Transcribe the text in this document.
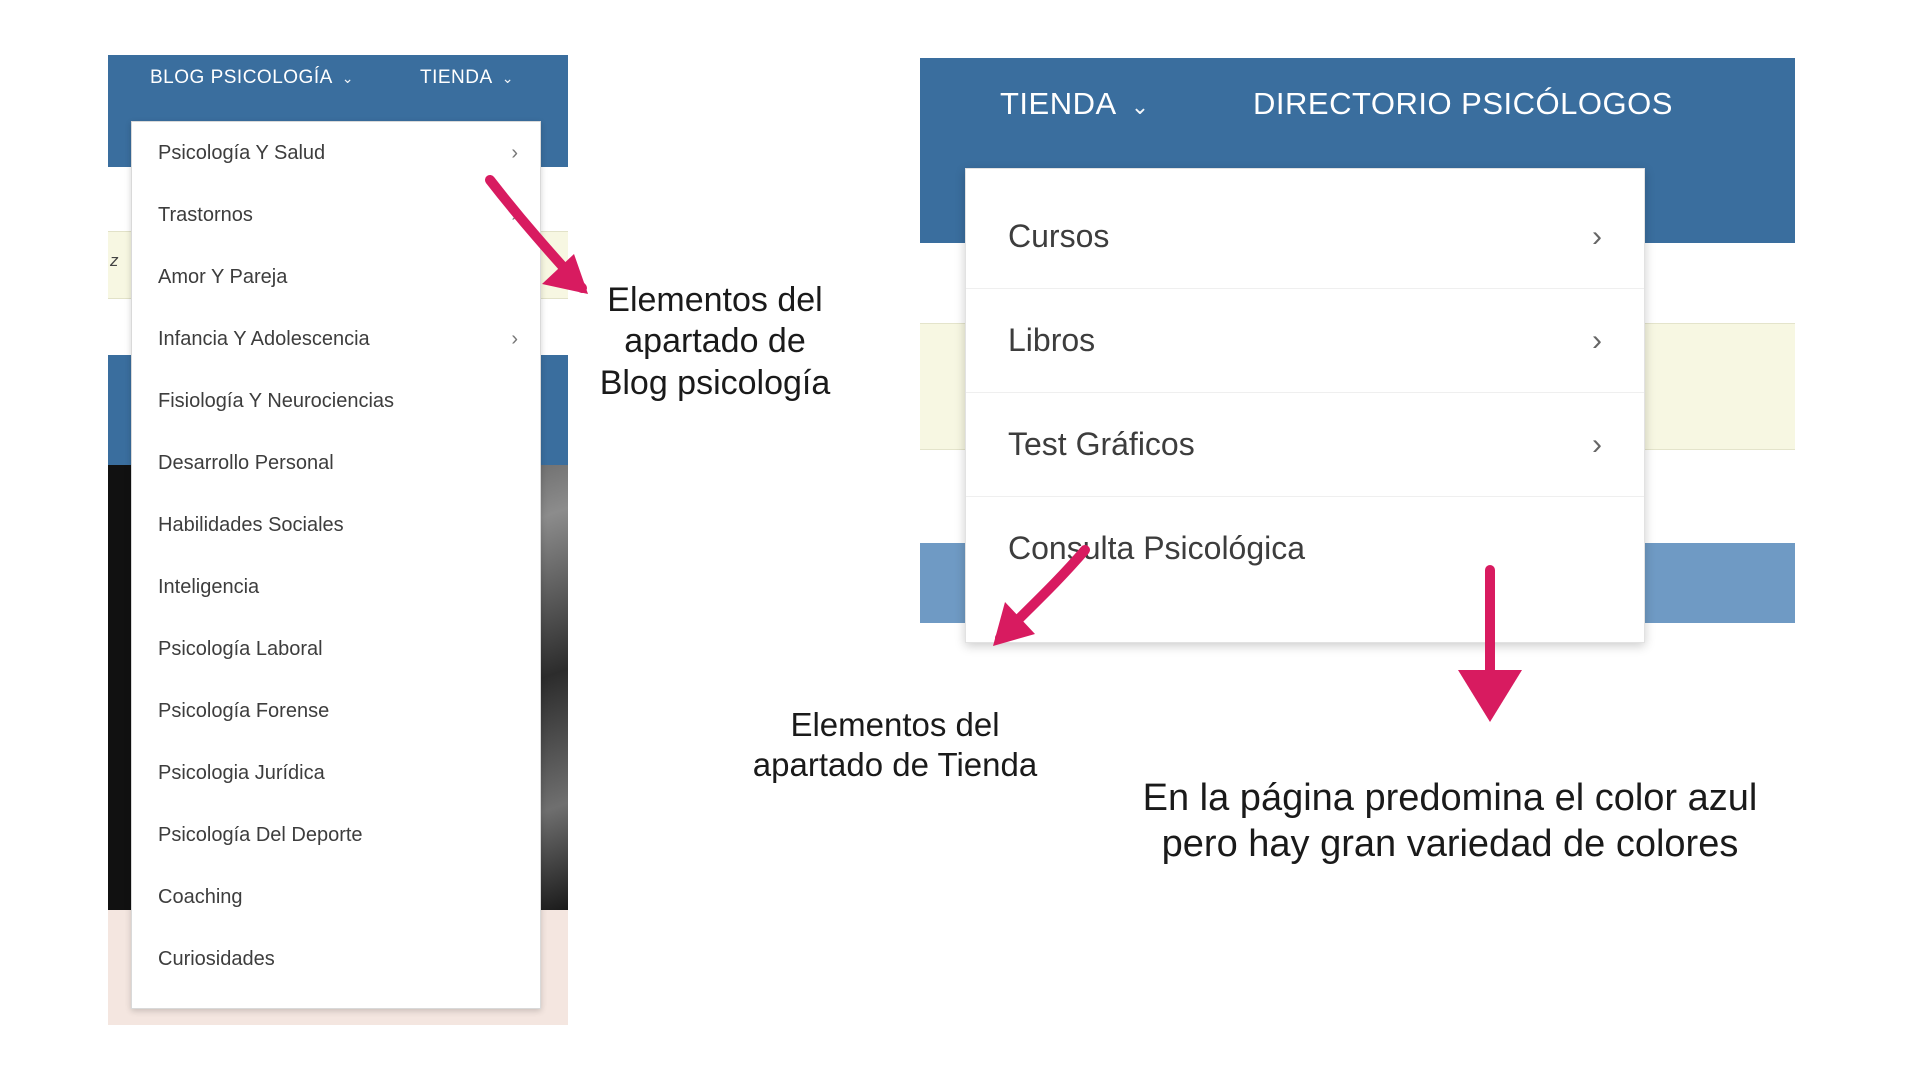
z
×
BLOG PSICOLOGÍA ⌄	TIENDA ⌄
Psicología Y Salud	›
Trastornos	›
Amor Y Pareja
Infancia Y Adolescencia	›
Fisiología Y Neurociencias
Desarrollo Personal
Habilidades Sociales
Inteligencia
Psicología Laboral
Psicología Forense
Psicologia Jurídica
Psicología Del Deporte
Coaching
Curiosidades
TIENDA ⌄	DIRECTORIO PSICÓLOGOS
Cursos	›
Libros	›
Test Gráficos	›
Consulta Psicológica
Elementos del apartado de Blog psicología
Elementos del apartado de Tienda
En la página predomina el color azul pero hay gran variedad de colores
